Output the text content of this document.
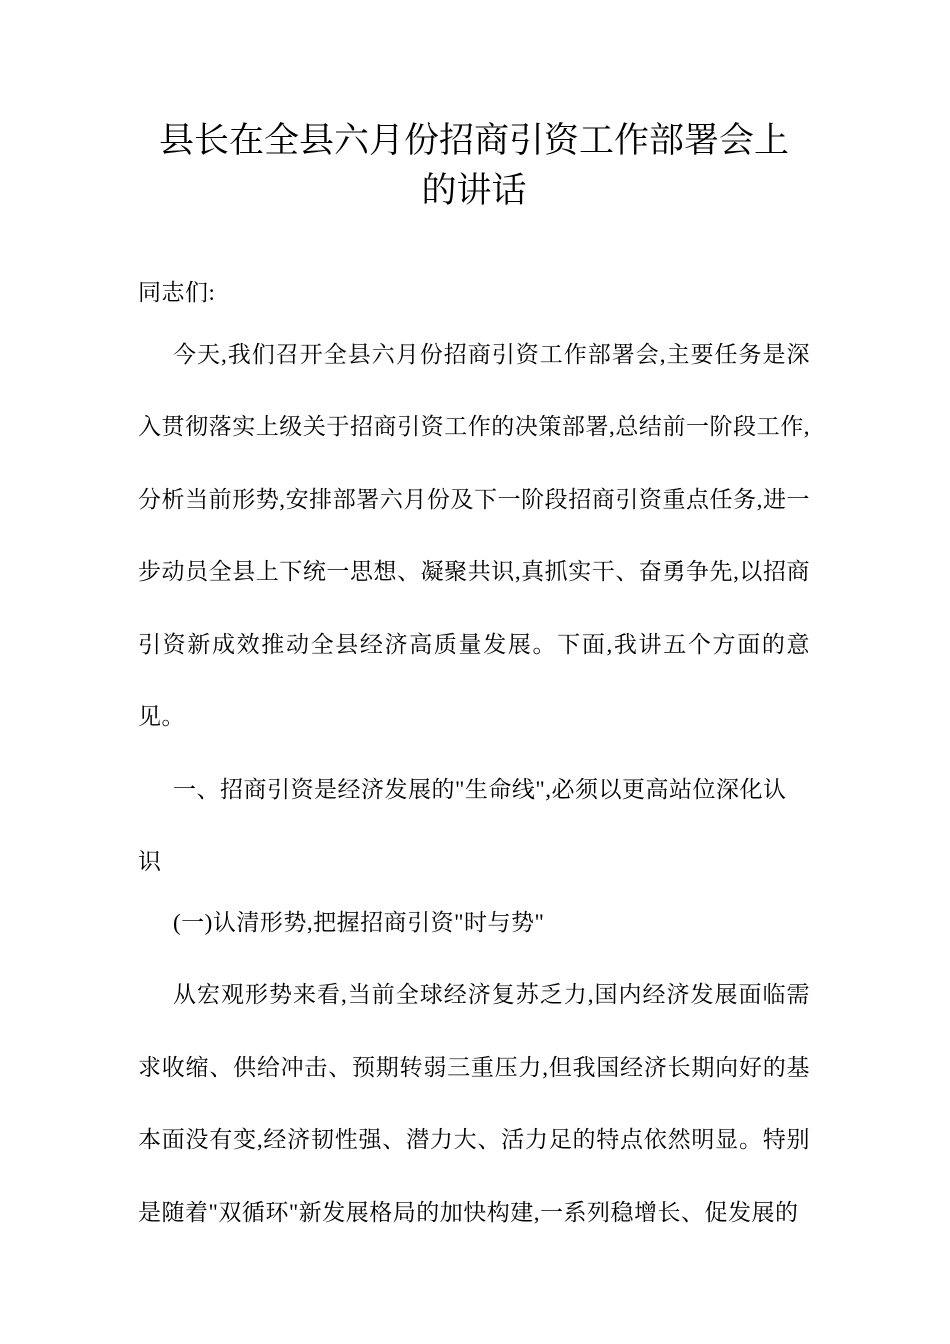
县长在全县六月份招商引资工作部署会上的讲话

同志们:

今天,我们召开全县六月份招商引资工作部署会,主要任务是深入贯彻落实上级关于招商引资工作的决策部署,总结前一阶段工作,分析当前形势,安排部署六月份及下一阶段招商引资重点任务,进一步动员全县上下统一思想、凝聚共识,真抓实干、奋勇争先,以招商引资新成效推动全县经济高质量发展。下面,我讲五个方面的意见。

一、招商引资是经济发展的"生命线",必须以更高站位深化认识

(一)认清形势,把握招商引资"时与势"

从宏观形势来看,当前全球经济复苏乏力,国内经济发展面临需求收缩、供给冲击、预期转弱三重压力,但我国经济长期向好的基本面没有变,经济韧性强、潜力大、活力足的特点依然明显。特别是随着"双循环"新发展格局的加快构建,一系列稳增长、促发展的
